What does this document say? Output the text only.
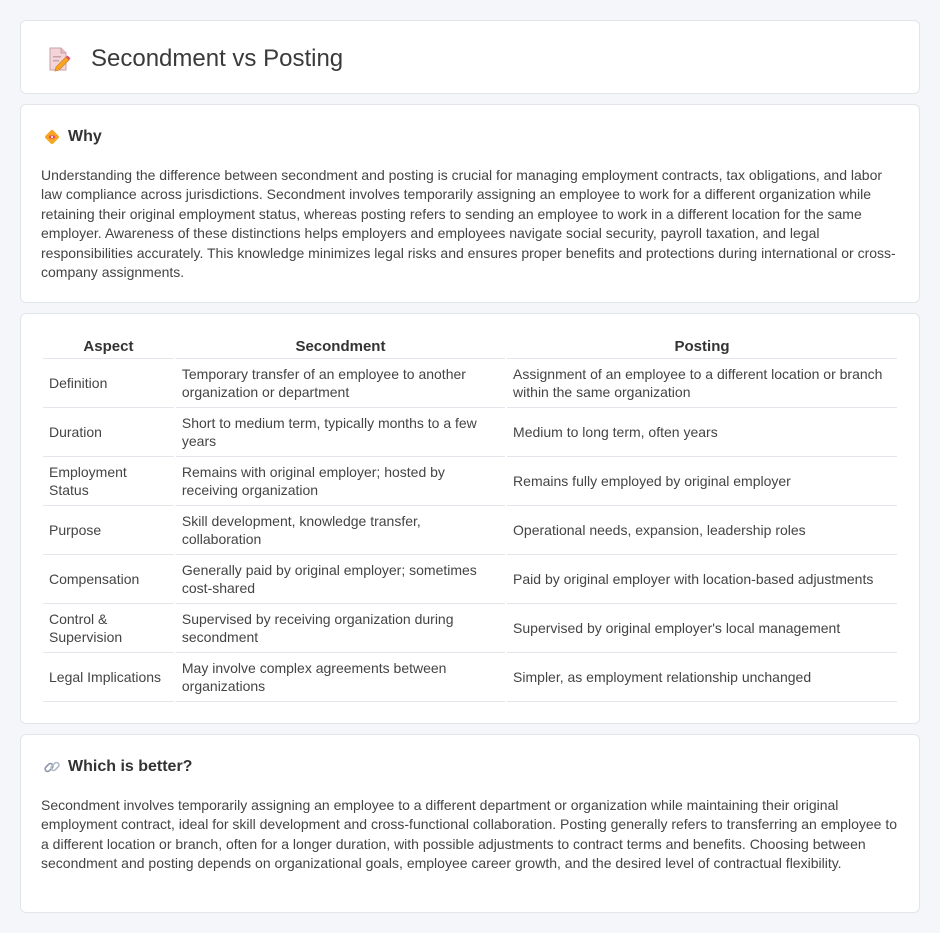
Secondment vs Posting
Why

Understanding the difference between secondment and posting is crucial for managing employment contracts, tax obligations, and labor law compliance across jurisdictions. Secondment involves temporarily assigning an employee to work for a different organization while retaining their original employment status, whereas posting refers to sending an employee to work in a different location for the same employer. Awareness of these distinctions helps employers and employees navigate social security, payroll taxation, and legal responsibilities accurately. This knowledge minimizes legal risks and ensures proper benefits and protections during international or cross-company assignments.

Aspect	Secondment	Posting
Definition	Temporary transfer of an employee to another organization or department	Assignment of an employee to a different location or branch within the same organization
Duration	Short to medium term, typically months to a few years	Medium to long term, often years
Employment Status	Remains with original employer; hosted by receiving organization	Remains fully employed by original employer
Purpose	Skill development, knowledge transfer, collaboration	Operational needs, expansion, leadership roles
Compensation	Generally paid by original employer; sometimes cost-shared	Paid by original employer with location-based adjustments
Control & Supervision	Supervised by receiving organization during secondment	Supervised by original employer's local management
Legal Implications	May involve complex agreements between organizations	Simpler, as employment relationship unchanged
Which is better?

Secondment involves temporarily assigning an employee to a different department or organization while maintaining their original employment contract, ideal for skill development and cross-functional collaboration. Posting generally refers to transferring an employee to a different location or branch, often for a longer duration, with possible adjustments to contract terms and benefits. Choosing between secondment and posting depends on organizational goals, employee career growth, and the desired level of contractual flexibility.
